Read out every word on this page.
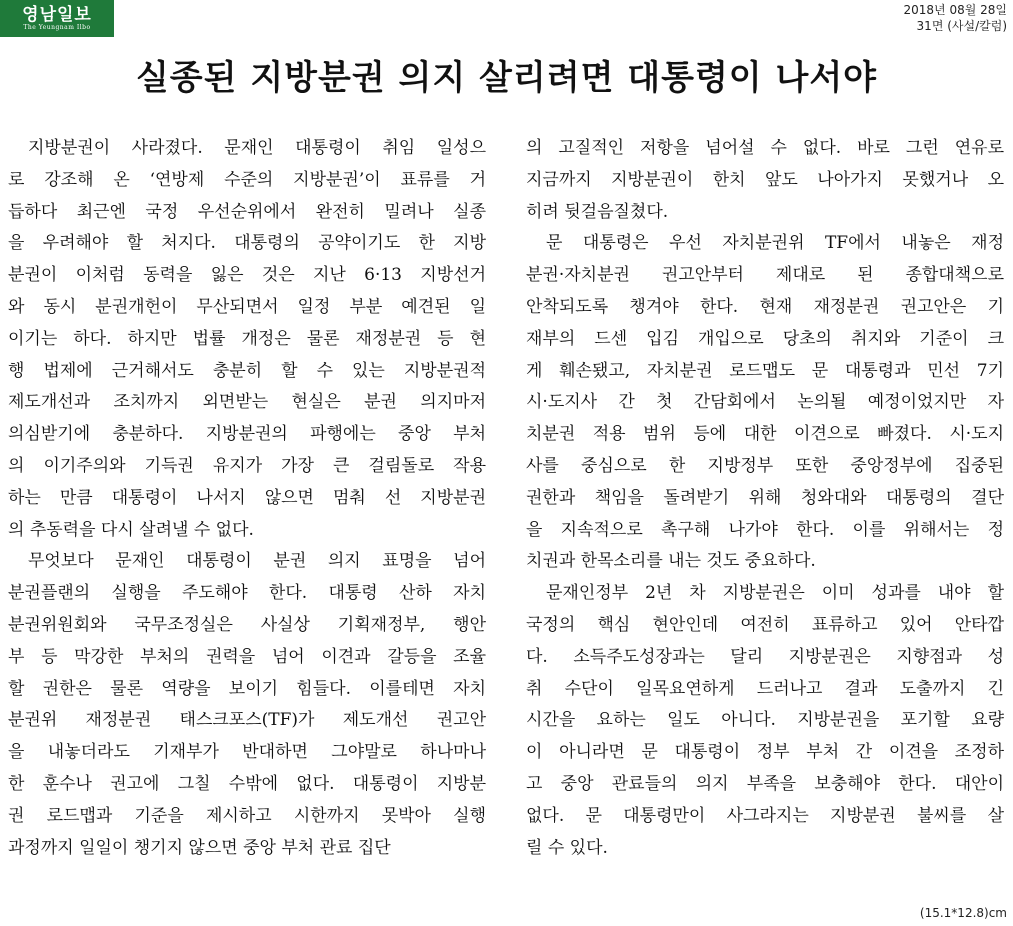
영남일보
The Yeungnam Ilbo
2018년 08월 28일
31면 (사설/칼럼)
실종된 지방분권 의지 살리려면 대통령이 나서야
지방분권이 사라졌다. 문재인 대통령이 취임 일성으
로 강조해 온 ‘연방제 수준의 지방분권’이 표류를 거
듭하다 최근엔 국정 우선순위에서 완전히 밀려나 실종
을 우려해야 할 처지다. 대통령의 공약이기도 한 지방
분권이 이처럼 동력을 잃은 것은 지난 6·13 지방선거
와 동시 분권개헌이 무산되면서 일정 부분 예견된 일
이기는 하다. 하지만 법률 개정은 물론 재정분권 등 현
행 법제에 근거해서도 충분히 할 수 있는 지방분권적
제도개선과 조치까지 외면받는 현실은 분권 의지마저
의심받기에 충분하다. 지방분권의 파행에는 중앙 부처
의 이기주의와 기득권 유지가 가장 큰 걸림돌로 작용
하는 만큼 대통령이 나서지 않으면 멈춰 선 지방분권
의 추동력을 다시 살려낼 수 없다.
무엇보다 문재인 대통령이 분권 의지 표명을 넘어
분권플랜의 실행을 주도해야 한다. 대통령 산하 자치
분권위원회와 국무조정실은 사실상 기획재정부, 행안
부 등 막강한 부처의 권력을 넘어 이견과 갈등을 조율
할 권한은 물론 역량을 보이기 힘들다. 이를테면 자치
분권위 재정분권 태스크포스(TF)가 제도개선 권고안
을 내놓더라도 기재부가 반대하면 그야말로 하나마나
한 훈수나 권고에 그칠 수밖에 없다. 대통령이 지방분
권 로드맵과 기준을 제시하고 시한까지 못박아 실행
과정까지 일일이 챙기지 않으면 중앙 부처 관료 집단
의 고질적인 저항을 넘어설 수 없다. 바로 그런 연유로
지금까지 지방분권이 한치 앞도 나아가지 못했거나 오
히려 뒷걸음질쳤다.
문 대통령은 우선 자치분권위 TF에서 내놓은 재정
분권·자치분권 권고안부터 제대로 된 종합대책으로
안착되도록 챙겨야 한다. 현재 재정분권 권고안은 기
재부의 드센 입김 개입으로 당초의 취지와 기준이 크
게 훼손됐고, 자치분권 로드맵도 문 대통령과 민선 7기
시·도지사 간 첫 간담회에서 논의될 예정이었지만 자
치분권 적용 범위 등에 대한 이견으로 빠졌다. 시·도지
사를 중심으로 한 지방정부 또한 중앙정부에 집중된
권한과 책임을 돌려받기 위해 청와대와 대통령의 결단
을 지속적으로 촉구해 나가야 한다. 이를 위해서는 정
치권과 한목소리를 내는 것도 중요하다.
문재인정부 2년 차 지방분권은 이미 성과를 내야 할
국정의 핵심 현안인데 여전히 표류하고 있어 안타깝
다. 소득주도성장과는 달리 지방분권은 지향점과 성
취 수단이 일목요연하게 드러나고 결과 도출까지 긴
시간을 요하는 일도 아니다. 지방분권을 포기할 요량
이 아니라면 문 대통령이 정부 부처 간 이견을 조정하
고 중앙 관료들의 의지 부족을 보충해야 한다. 대안이
없다. 문 대통령만이 사그라지는 지방분권 불씨를 살
릴 수 있다.
(15.1*12.8)cm
